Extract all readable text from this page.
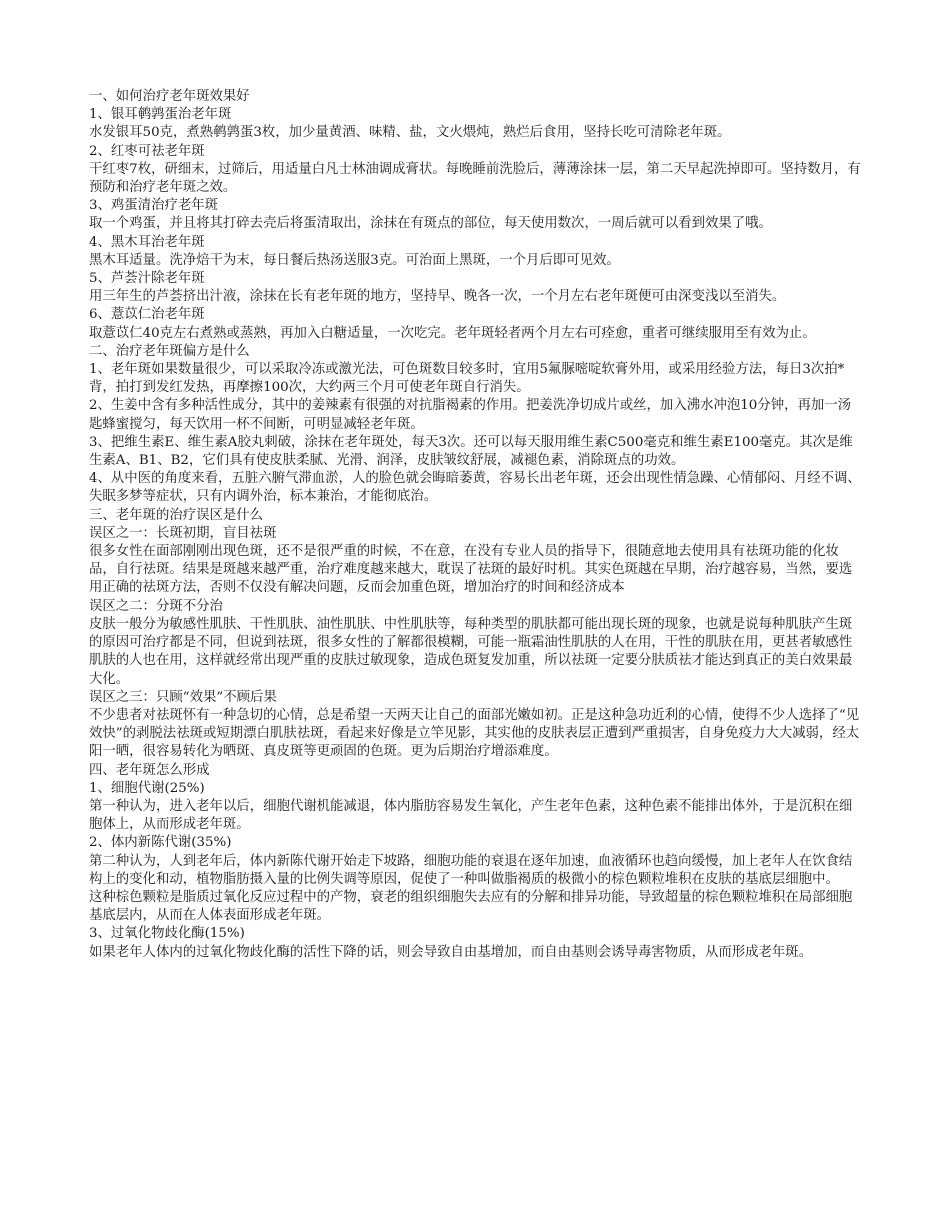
一、如何治疗老年斑效果好

1、银耳鹌鹑蛋治老年斑

水发银耳50克，煮熟鹌鹑蛋3枚，加少量黄酒、味精、盐，文火煨炖，熟烂后食用，坚持长吃可清除老年斑。

2、红枣可祛老年斑

干红枣7枚，研细末，过筛后，用适量白凡士林油调成膏状。每晚睡前洗脸后，薄薄涂抹一层，第二天早起洗掉即可。坚持数月，有预防和治疗老年斑之效。

3、鸡蛋清治疗老年斑

取一个鸡蛋，并且将其打碎去壳后将蛋清取出，涂抹在有斑点的部位，每天使用数次，一周后就可以看到效果了哦。

4、黑木耳治老年斑

黑木耳适量。洗净焙干为末，每日餐后热汤送服3克。可治面上黑斑，一个月后即可见效。

5、芦荟汁除老年斑

用三年生的芦荟挤出汁液，涂抹在长有老年斑的地方，坚持早、晚各一次，一个月左右老年斑便可由深变浅以至消失。

6、薏苡仁治老年斑

取薏苡仁40克左右煮熟或蒸熟，再加入白糖适量，一次吃完。老年斑轻者两个月左右可痊愈，重者可继续服用至有效为止。

二、治疗老年斑偏方是什么

1、老年斑如果数量很少，可以采取冷冻或激光法，可色斑数目较多时，宜用5氟脲嘧啶软膏外用，或采用经验方法，每日3次拍*背，拍打到发红发热，再摩擦100次，大约两三个月可使老年斑自行消失。

2、生姜中含有多种活性成分，其中的姜辣素有很强的对抗脂褐素的作用。把姜洗净切成片或丝，加入沸水冲泡10分钟，再加一汤匙蜂蜜搅匀，每天饮用一杯不间断，可明显减轻老年斑。

3、把维生素E、维生素A胶丸刺破，涂抹在老年斑处，每天3次。还可以每天服用维生素C500毫克和维生素E100毫克。其次是维生素A、B1、B2，它们具有使皮肤柔腻、光滑、润泽，皮肤皱纹舒展，减褪色素，消除斑点的功效。

4、从中医的角度来看，五脏六腑气滞血淤，人的脸色就会晦暗萎黄，容易长出老年斑，还会出现性情急躁、心情郁闷、月经不调、失眠多梦等症状，只有内调外治，标本兼治，才能彻底治。

三、老年斑的治疗误区是什么

误区之一：长斑初期，盲目祛斑

很多女性在面部刚刚出现色斑，还不是很严重的时候，不在意，在没有专业人员的指导下，很随意地去使用具有祛斑功能的化妆品，自行祛斑。结果是斑越来越严重，治疗难度越来越大，耽误了祛斑的最好时机。其实色斑越在早期，治疗越容易，当然，要选用正确的祛斑方法，否则不仅没有解决问题，反而会加重色斑，增加治疗的时间和经济成本

误区之二：分斑不分治

皮肤一般分为敏感性肌肤、干性肌肤、油性肌肤、中性肌肤等，每种类型的肌肤都可能出现长斑的现象，也就是说每种肌肤产生斑的原因可治疗都是不同，但说到祛斑，很多女性的了解都很模糊，可能一瓶霜油性肌肤的人在用，干性的肌肤在用，更甚者敏感性肌肤的人也在用，这样就经常出现严重的皮肤过敏现象，造成色斑复发加重，所以祛斑一定要分肤质祛才能达到真正的美白效果最大化。

误区之三：只顾“效果”不顾后果

不少患者对祛斑怀有一种急切的心情，总是希望一天两天让自己的面部光嫩如初。正是这种急功近利的心情，使得不少人选择了“见效快”的剥脱法祛斑或短期漂白肌肤祛斑，看起来好像是立竿见影，其实他的皮肤表层正遭到严重损害，自身免疫力大大减弱，经太阳一晒，很容易转化为晒斑、真皮斑等更顽固的色斑。更为后期治疗增添难度。

四、老年斑怎么形成

1、细胞代谢(25%)

第一种认为，进入老年以后，细胞代谢机能减退，体内脂肪容易发生氧化，产生老年色素，这种色素不能排出体外，于是沉积在细胞体上，从而形成老年斑。

2、体内新陈代谢(35%)

第二种认为，人到老年后，体内新陈代谢开始走下坡路，细胞功能的衰退在逐年加速，血液循环也趋向缓慢，加上老年人在饮食结构上的变化和动，植物脂肪摄入量的比例失调等原因，促使了一种叫做脂褐质的极微小的棕色颗粒堆积在皮肤的基底层细胞中。

这种棕色颗粒是脂质过氧化反应过程中的产物，衰老的组织细胞失去应有的分解和排异功能，导致超量的棕色颗粒堆积在局部细胞基底层内，从而在人体表面形成老年斑。

3、过氧化物歧化酶(15%)

如果老年人体内的过氧化物歧化酶的活性下降的话，则会导致自由基增加，而自由基则会诱导毒害物质，从而形成老年斑。
